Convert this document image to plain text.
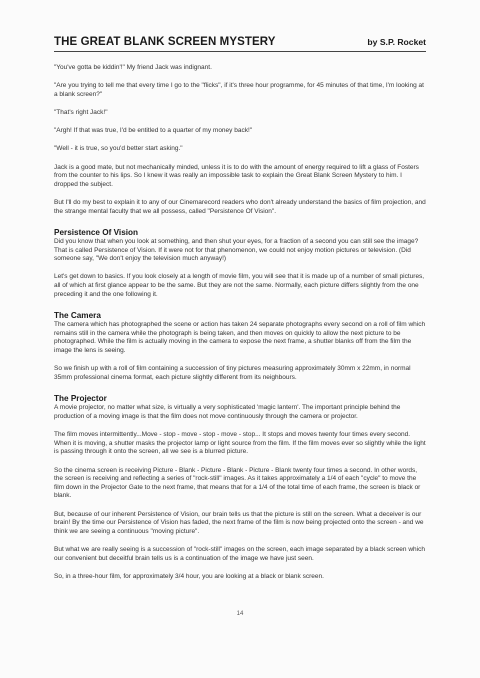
THE GREAT BLANK SCREEN MYSTERY	by S.P. Rocket

"You've gotta be kiddin'!" My friend Jack was indignant.

"Are you trying to tell me that every time I go to the "flicks", if it's three hour programme, for 45 minutes of that time, I'm looking at a blank screen?"

"That's right Jack!"

"Argh! If that was true, I'd be entitled to a quarter of my money back!"

"Well - it is true, so you'd better start asking."

Jack is a good mate, but not mechanically minded, unless it is to do with the amount of energy required to lift a glass of Fosters from the counter to his lips. So I knew it was really an impossible task to explain the Great Blank Screen Mystery to him. I dropped the subject.

But I'll do my best to explain it to any of our Cinemarecord readers who don't already understand the basics of film projection, and the strange mental faculty that we all possess, called "Persistence Of Vision".

Persistence Of Vision

Did you know that when you look at something, and then shut your eyes, for a fraction of a second you can still see the image? That is called Persistence of Vision. If it were not for that phenomenon, we could not enjoy motion pictures or television. (Did someone say, "We don't enjoy the television much anyway!)

Let's get down to basics. If you look closely at a length of movie film, you will see that it is made up of a number of small pictures, all of which at first glance appear to be the same. But they are not the same. Normally, each picture differs slightly from the one preceding it and the one following it.

The Camera

The camera which has photographed the scene or action has taken 24 separate photographs every second on a roll of film which remains still in the camera while the photograph is being taken, and then moves on quickly to allow the next picture to be photographed. While the film is actually moving in the camera to expose the next frame, a shutter blanks off from the film the image the lens is seeing.

So we finish up with a roll of film containing a succession of tiny pictures measuring approximately 30mm x 22mm, in normal 35mm professional cinema format, each picture slightly different from its neighbours.

The Projector

A movie projector, no matter what size, is virtually a very sophisticated 'magic lantern'. The important principle behind the production of a moving image is that the film does not move continuously through the camera or projector.

The film moves intermittently...Move - stop - move - stop - move - stop... It stops and moves twenty four times every second. When it is moving, a shutter masks the projector lamp or light source from the film. If the film moves ever so slightly while the light is passing through it onto the screen, all we see is a blurred picture.

So the cinema screen is receiving Picture - Blank - Picture - Blank - Picture - Blank twenty four times a second. In other words, the screen is receiving and reflecting a series of "rock-still" images. As it takes approximately a 1/4 of each "cycle" to move the film down in the Projector Gate to the next frame, that means that for a 1/4 of the total time of each frame, the screen is black or blank.

But, because of our inherent Persistence of Vision, our brain tells us that the picture is still on the screen. What a deceiver is our brain! By the time our Persistence of Vision has faded, the next frame of the film is now being projected onto the screen - and we think we are seeing a continuous "moving picture".

But what we are really seeing is a succession of "rock-still" images on the screen, each image separated by a black screen which our convenient but deceitful brain tells us is a continuation of the image we have just seen.

So, in a three-hour film, for approximately 3/4 hour, you are looking at a black or blank screen.

14
